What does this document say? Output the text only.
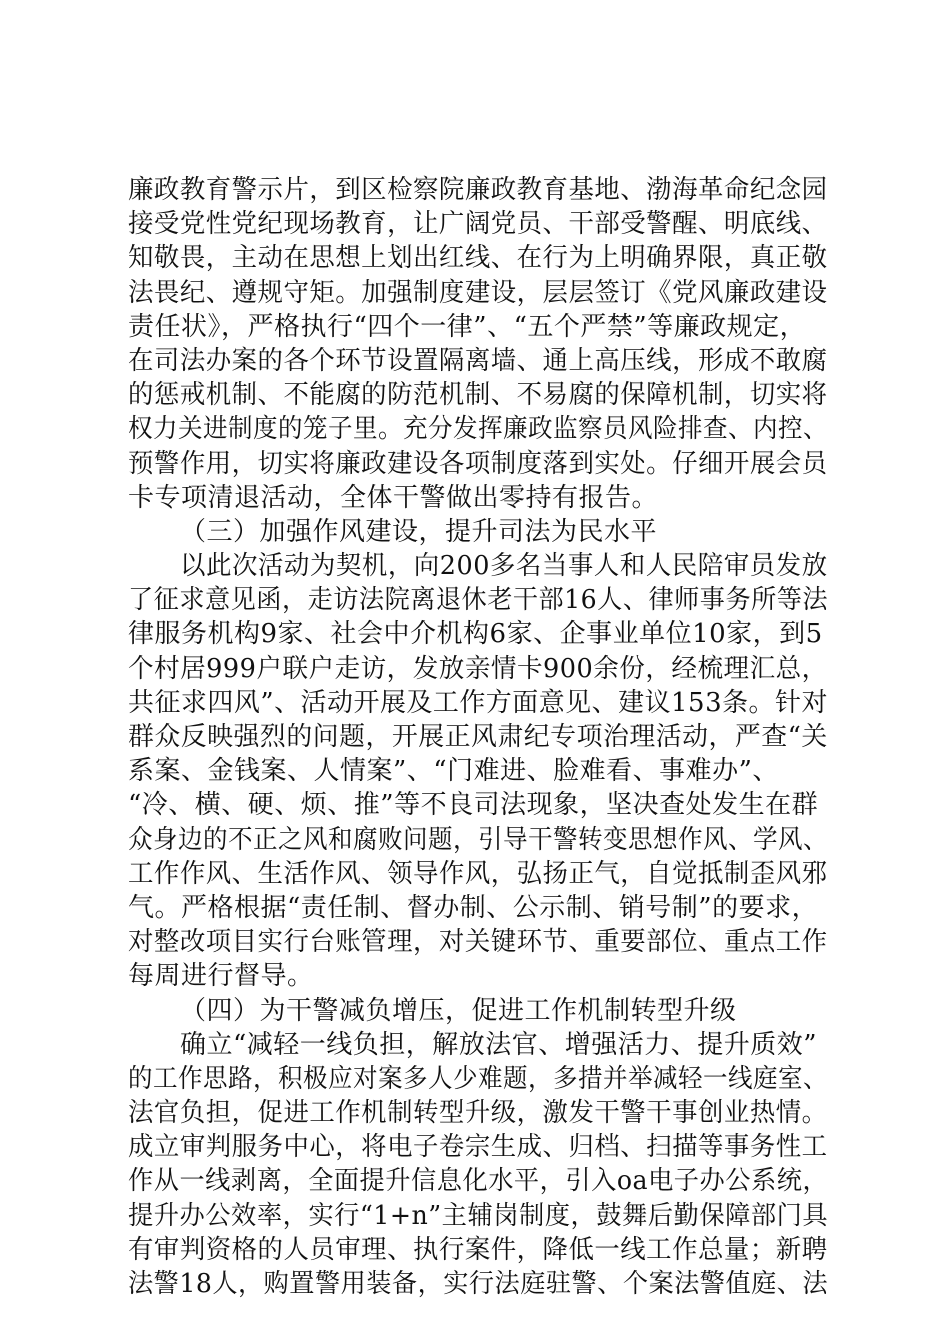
廉政教育警示片，到区检察院廉政教育基地、渤海革命纪念园
接受党性党纪现场教育，让广阔党员、干部受警醒、明底线、
知敬畏，主动在思想上划出红线、在行为上明确界限，真正敬
法畏纪、遵规守矩。加强制度建设，层层签订《党风廉政建设
责任状》，严格执行“四个一律”、“五个严禁”等廉政规定，
在司法办案的各个环节设置隔离墙、通上高压线，形成不敢腐
的惩戒机制、不能腐的防范机制、不易腐的保障机制，切实将
权力关进制度的笼子里。充分发挥廉政监察员风险排查、内控、
预警作用，切实将廉政建设各项制度落到实处。仔细开展会员
卡专项清退活动，全体干警做出零持有报告。
（三）加强作风建设，提升司法为民水平
以此次活动为契机，向200多名当事人和人民陪审员发放
了征求意见函，走访法院离退休老干部16人、律师事务所等法
律服务机构9家、社会中介机构6家、企事业单位10家，到5
个村居999户联户走访，发放亲情卡900余份，经梳理汇总，
共征求四风”、活动开展及工作方面意见、建议153条。针对
群众反映强烈的问题，开展正风肃纪专项治理活动，严查“关
系案、金钱案、人情案”、“门难进、脸难看、事难办”、
“冷、横、硬、烦、推”等不良司法现象，坚决查处发生在群
众身边的不正之风和腐败问题，引导干警转变思想作风、学风、
工作作风、生活作风、领导作风，弘扬正气，自觉抵制歪风邪
气。严格根据“责任制、督办制、公示制、销号制”的要求，
对整改项目实行台账管理，对关键环节、重要部位、重点工作
每周进行督导。
（四）为干警减负增压，促进工作机制转型升级
确立“减轻一线负担，解放法官、增强活力、提升质效”
的工作思路，积极应对案多人少难题，多措并举减轻一线庭室、
法官负担，促进工作机制转型升级，激发干警干事创业热情。
成立审判服务中心，将电子卷宗生成、归档、扫描等事务性工
作从一线剥离，全面提升信息化水平，引入oa电子办公系统，
提升办公效率，实行“1+n”主辅岗制度，鼓舞后勤保障部门具
有审判资格的人员审理、执行案件，降低一线工作总量；新聘
法警18人，购置警用装备，实行法庭驻警、个案法警值庭、法
